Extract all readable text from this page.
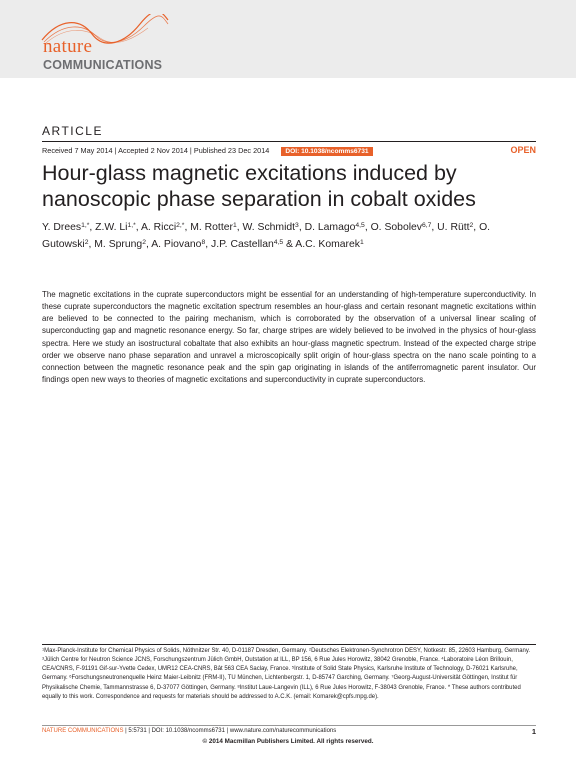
nature
COMMUNICATIONS
ARTICLE
Received 7 May 2014 | Accepted 2 Nov 2014 | Published 23 Dec 2014 DOI: 10.1038/ncomms6731	OPEN
Hour-glass magnetic excitations induced by nanoscopic phase separation in cobalt oxides

Y. Drees$^{1,*}$, Z.W. $Li^{1,*}$, A. Ricci$^{2,*}$, M. Rotter$^1$, W. Schmidt$^3$, D. Lamago$^{4,5}$, O. Sobolev$^{6,7}$, U. Rütt$^2$, O. Gutowski$^2$, M. Sprung$^2$, A. Piovano$^8$, J.P. Castellan$^{4,5}$ & A.C. Komarek$^1$

The magnetic excitations in the cuprate superconductors might be essential for an understanding of high-temperature superconductivity. In these cuprate superconductors the magnetic excitation spectrum resembles an hour-glass and certain resonant magnetic excitations within are believed to be connected to the pairing mechanism, which is corroborated by the observation of a universal linear scaling of superconducting gap and magnetic resonance energy. So far, charge stripes are widely believed to be involved in the physics of hour-glass spectra. Here we study an isostructural cobaltate that also exhibits an hour-glass magnetic spectrum. Instead of the expected charge stripe order we observe nano phase separation and unravel a microscopically split origin of hour-glass spectra on the nano scale pointing to a connection between the magnetic resonance peak and the spin gap originating in islands of the antiferromagnetic parent insulator. Our findings open new ways to theories of magnetic excitations and superconductivity in cuprate superconductors.

$^1$Max-Planck-Institute for Chemical Physics of Solids, Nöthnitzer Str. 40, D-01187 Dresden, Germany. $^2$Deutsches Elektronen-Synchrotron DESY, Notkestr. 85, 22603 Hamburg, Germany. $^3$Jülich Centre for Neutron Science JCNS, Forschungszentrum Jülich GmbH, Outstation at ILL, BP 156, 6 Rue Jules Horowitz, 38042 Grenoble, France. $^4$Laboratoire Léon Brillouin, CEA/CNRS, F-91191 Gif-sur-Yvette Cedex, UMR12 CEA-CNRS, Bât 563 CEA Saclay, France. $^5$Institute of Solid State Physics, Karlsruhe Institute of Technology, D-76021 Karlsruhe, Germany. $^6$Forschungsneutronenquelle Heinz Maier-Leibnitz (FRM-II), TU München, Lichtenbergstr. 1, D-85747 Garching, Germany. $^7$Georg-August-Universität Göttingen, Institut für Physikalische Chemie, Tammannstrasse 6, D-37077 Göttingen, Germany. $^8$Institut Laue-Langevin (ILL), 6 Rue Jules Horowitz, F-38043 Grenoble, France. * These authors contributed equally to this work. Correspondence and requests for materials should be addressed to A.C.K. (email: Komarek@cpfs.mpg.de).

NATURE COMMUNICATIONS | 5:5731 | DOI: 10.1038/ncomms6731 | www.nature.com/naturecommunications	1
© 2014 Macmillan Publishers Limited. All rights reserved.
